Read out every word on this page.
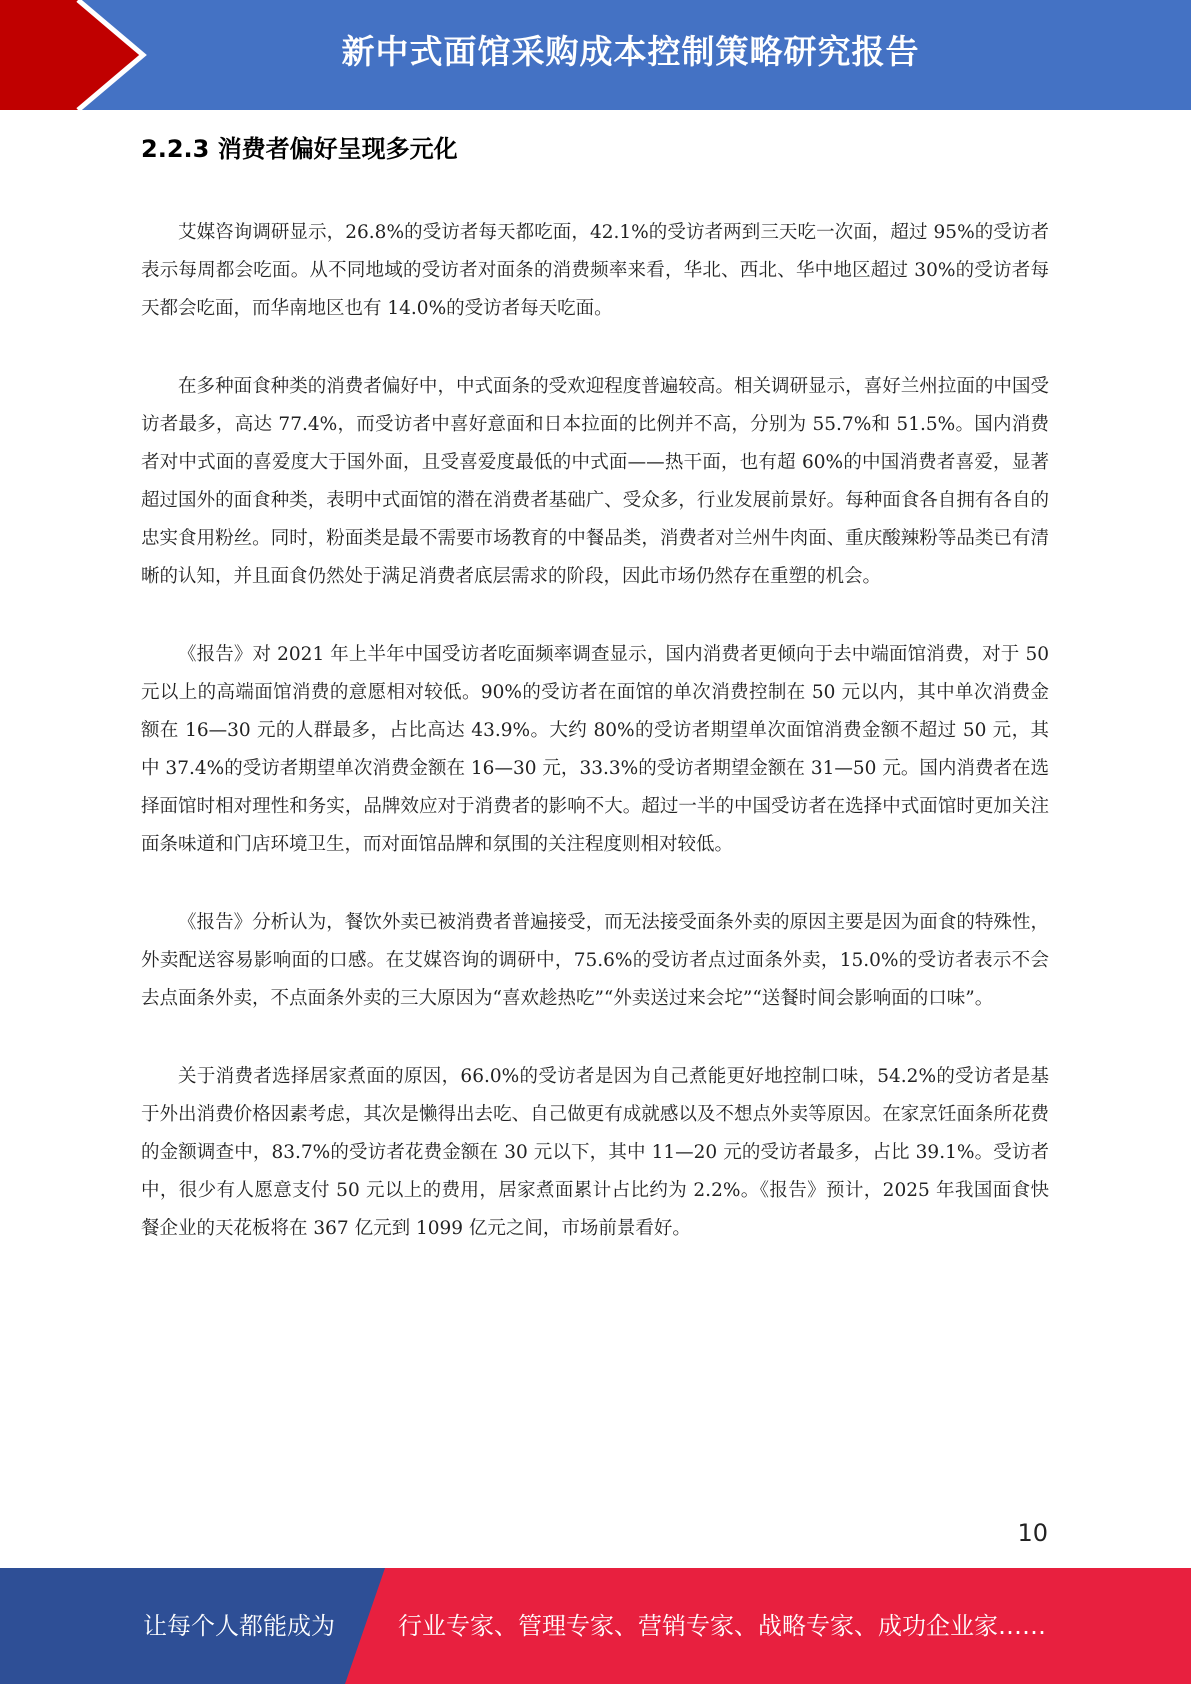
新中式面馆采购成本控制策略研究报告
2.2.3 消费者偏好呈现多元化

艾媒咨询调研显示，26.8%的受访者每天都吃面，42.1%的受访者两到三天吃一次面，超过 95%的受访者表示每周都会吃面。从不同地域的受访者对面条的消费频率来看，华北、西北、华中地区超过 30%的受访者每天都会吃面，而华南地区也有 14.0%的受访者每天吃面。

在多种面食种类的消费者偏好中，中式面条的受欢迎程度普遍较高。相关调研显示，喜好兰州拉面的中国受访者最多，高达 77.4%，而受访者中喜好意面和日本拉面的比例并不高，分别为 55.7%和 51.5%。国内消费者对中式面的喜爱度大于国外面，且受喜爱度最低的中式面——热干面，也有超 60%的中国消费者喜爱，显著超过国外的面食种类，表明中式面馆的潜在消费者基础广、受众多，行业发展前景好。每种面食各自拥有各自的忠实食用粉丝。同时，粉面类是最不需要市场教育的中餐品类，消费者对兰州牛肉面、重庆酸辣粉等品类已有清晰的认知，并且面食仍然处于满足消费者底层需求的阶段，因此市场仍然存在重塑的机会。

《报告》对 2021 年上半年中国受访者吃面频率调查显示，国内消费者更倾向于去中端面馆消费，对于 50 元以上的高端面馆消费的意愿相对较低。90%的受访者在面馆的单次消费控制在 50 元以内，其中单次消费金额在 16—30 元的人群最多，占比高达 43.9%。大约 80%的受访者期望单次面馆消费金额不超过 50 元，其中 37.4%的受访者期望单次消费金额在 16—30 元，33.3%的受访者期望金额在 31—50 元。国内消费者在选择面馆时相对理性和务实，品牌效应对于消费者的影响不大。超过一半的中国受访者在选择中式面馆时更加关注面条味道和门店环境卫生，而对面馆品牌和氛围的关注程度则相对较低。

《报告》分析认为，餐饮外卖已被消费者普遍接受，而无法接受面条外卖的原因主要是因为面食的特殊性，外卖配送容易影响面的口感。在艾媒咨询的调研中，75.6%的受访者点过面条外卖，15.0%的受访者表示不会去点面条外卖，不点面条外卖的三大原因为“喜欢趁热吃”“外卖送过来会坨”“送餐时间会影响面的口味”。

关于消费者选择居家煮面的原因，66.0%的受访者是因为自己煮能更好地控制口味，54.2%的受访者是基于外出消费价格因素考虑，其次是懒得出去吃、自己做更有成就感以及不想点外卖等原因。在家烹饪面条所花费的金额调查中，83.7%的受访者花费金额在 30 元以下，其中 11—20 元的受访者最多，占比 39.1%。受访者中，很少有人愿意支付 50 元以上的费用，居家煮面累计占比约为 2.2%。《报告》预计，2025 年我国面食快餐企业的天花板将在 367 亿元到 1099 亿元之间，市场前景看好。

10
让每个人都能成为	行业专家、管理专家、营销专家、战略专家、成功企业家……
